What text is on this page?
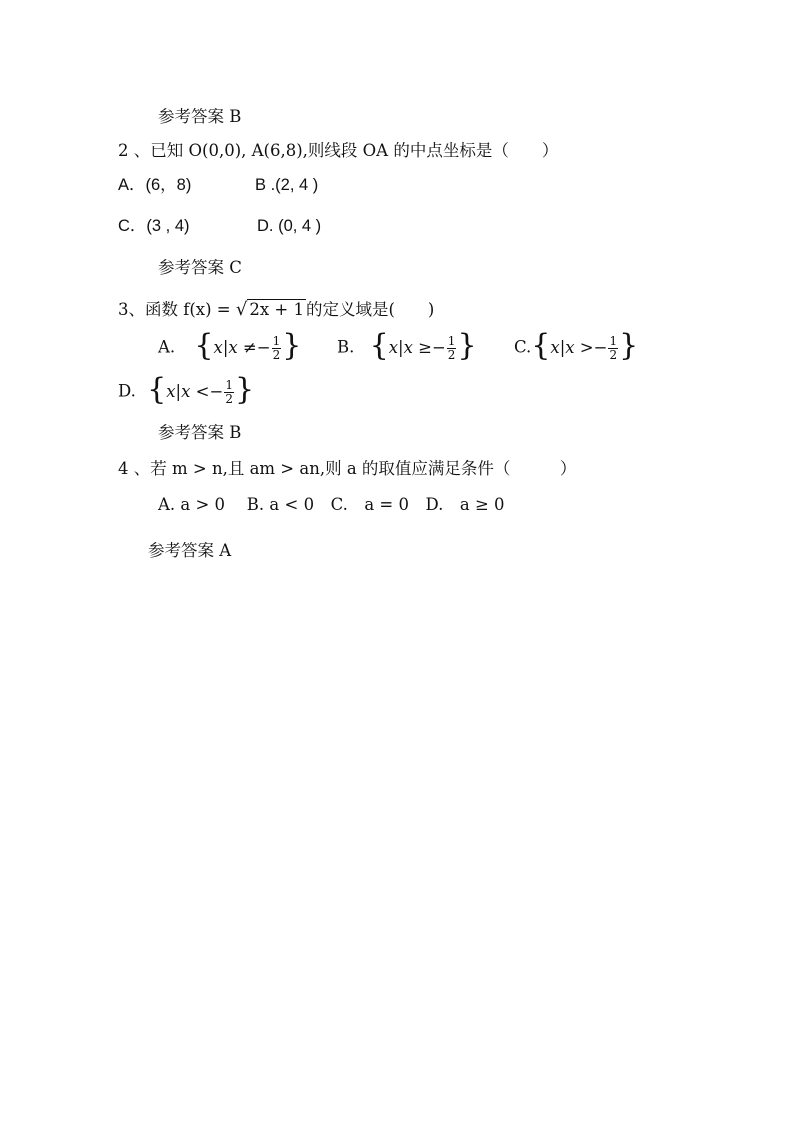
参考答案 B
2 、已知 O(0,0), A(6,8),则线段 OA 的中点坐标是（　　）
A．(6，8)	B .(2, 4 )
C．(3 , 4)	D. (0, 4 )
参考答案 C
3、函数 f(x) = √ 2x + 1 的定义域是(　　)
A. { $x|x \ne- \frac{1}{2}$ } B. { $x|x \ge- \frac{1}{2}$ } C. { $x|x >- \frac{1}{2}$ }
D. { $x|x <- \frac{1}{2}$ }
参考答案 B
4 、若 m > n,且 am > an,则 a 的取值应满足条件（　　　）
A. a > 0　 B. a < 0　C.　a = 0　D.　a ≥ 0
参考答案 A
